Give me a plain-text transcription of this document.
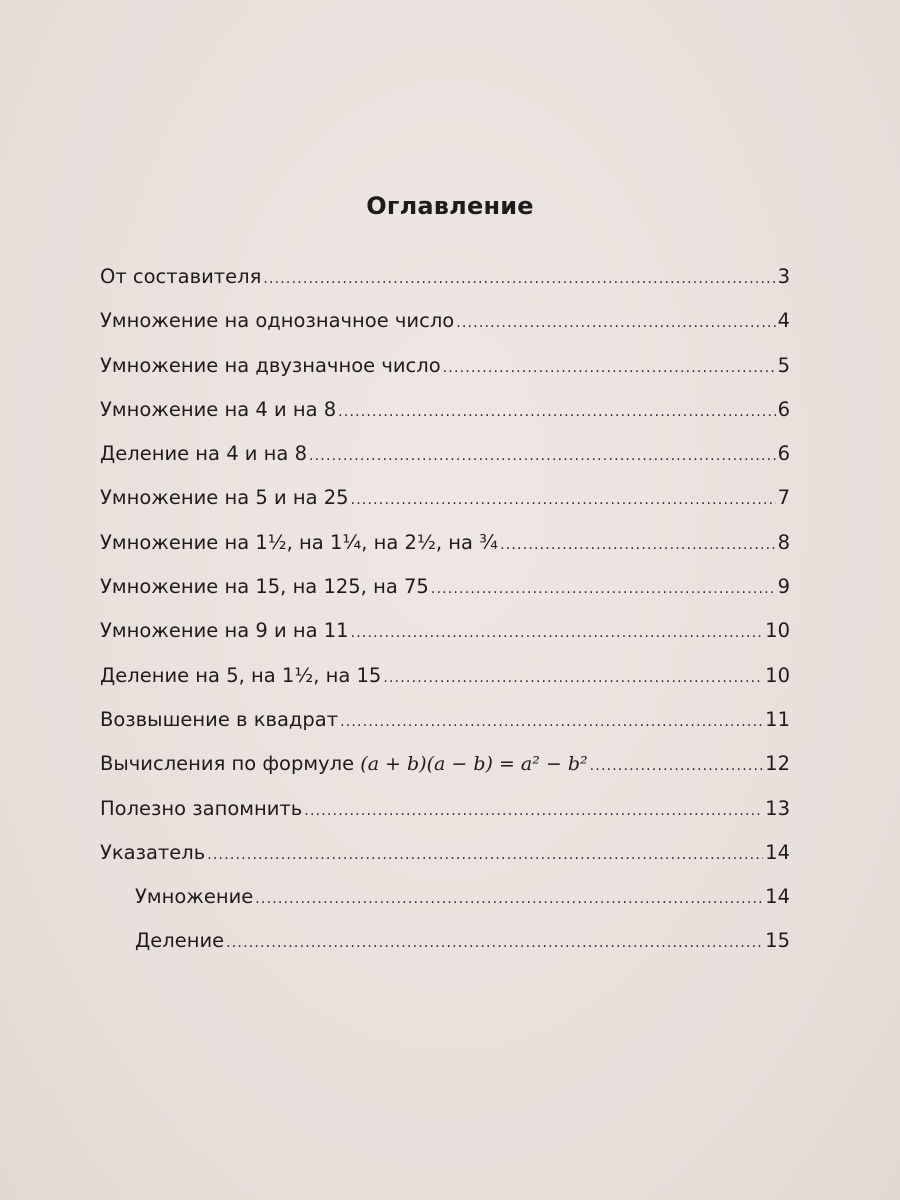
Оглавление
От составителя .....	3
Умножение на однозначное число .....	4
Умножение на двузначное число .....	5
Умножение на 4 и на 8 .....	6
Деление на 4 и на 8 .....	6
Умножение на 5 и на 25 .....	7
Умножение на 1½, на 1¼, на 2½, на ¾ .....	8
Умножение на 15, на 125, на 75 .....	9
Умножение на 9 и на 11 .....	10
Деление на 5, на 1½, на 15 .....	10
Возвышение в квадрат .....	11
Вычисления по формуле (a + b)(a − b) = a² − b² .....	12
Полезно запомнить .....	13
Указатель .....	14
Умножение .....	14
Деление .....	15
